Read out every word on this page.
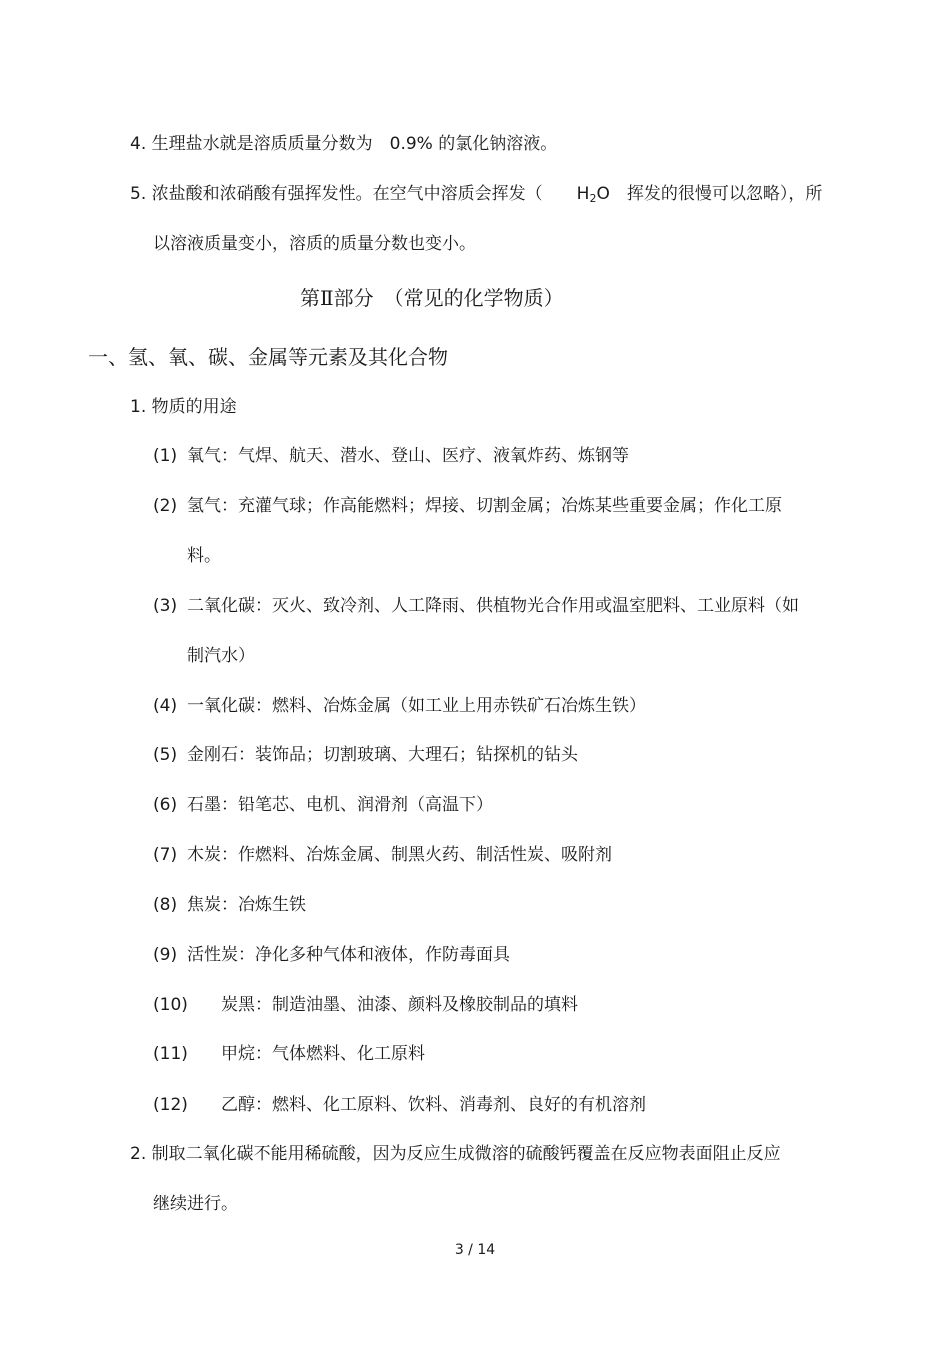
4. 生理盐水就是溶质质量分数为　0.9% 的氯化钠溶液。
5. 浓盐酸和浓硝酸有强挥发性。在空气中溶质会挥发（　　$H_2O$　挥发的很慢可以忽略），所
以溶液质量变小，溶质的质量分数也变小。
第Ⅱ部分　（常见的化学物质）
一、氢、氧、碳、金属等元素及其化合物
1. 物质的用途
(1) 氧气：气焊、航天、潜水、登山、医疗、液氧炸药、炼钢等
(2) 氢气：充灌气球；作高能燃料；焊接、切割金属；冶炼某些重要金属；作化工原
料。
(3) 二氧化碳：灭火、致冷剂、人工降雨、供植物光合作用或温室肥料、工业原料（如
制汽水）
(4) 一氧化碳：燃料、冶炼金属（如工业上用赤铁矿石冶炼生铁）
(5) 金刚石：装饰品；切割玻璃、大理石；钻探机的钻头
(6) 石墨：铅笔芯、电机、润滑剂（高温下）
(7) 木炭：作燃料、冶炼金属、制黑火药、制活性炭、吸附剂
(8) 焦炭：冶炼生铁
(9) 活性炭：净化多种气体和液体，作防毒面具
(10) 炭黑：制造油墨、油漆、颜料及橡胶制品的填料
(11) 甲烷：气体燃料、化工原料
(12) 乙醇：燃料、化工原料、饮料、消毒剂、良好的有机溶剂
2. 制取二氧化碳不能用稀硫酸，因为反应生成微溶的硫酸钙覆盖在反应物表面阻止反应
继续进行。
3 / 14
